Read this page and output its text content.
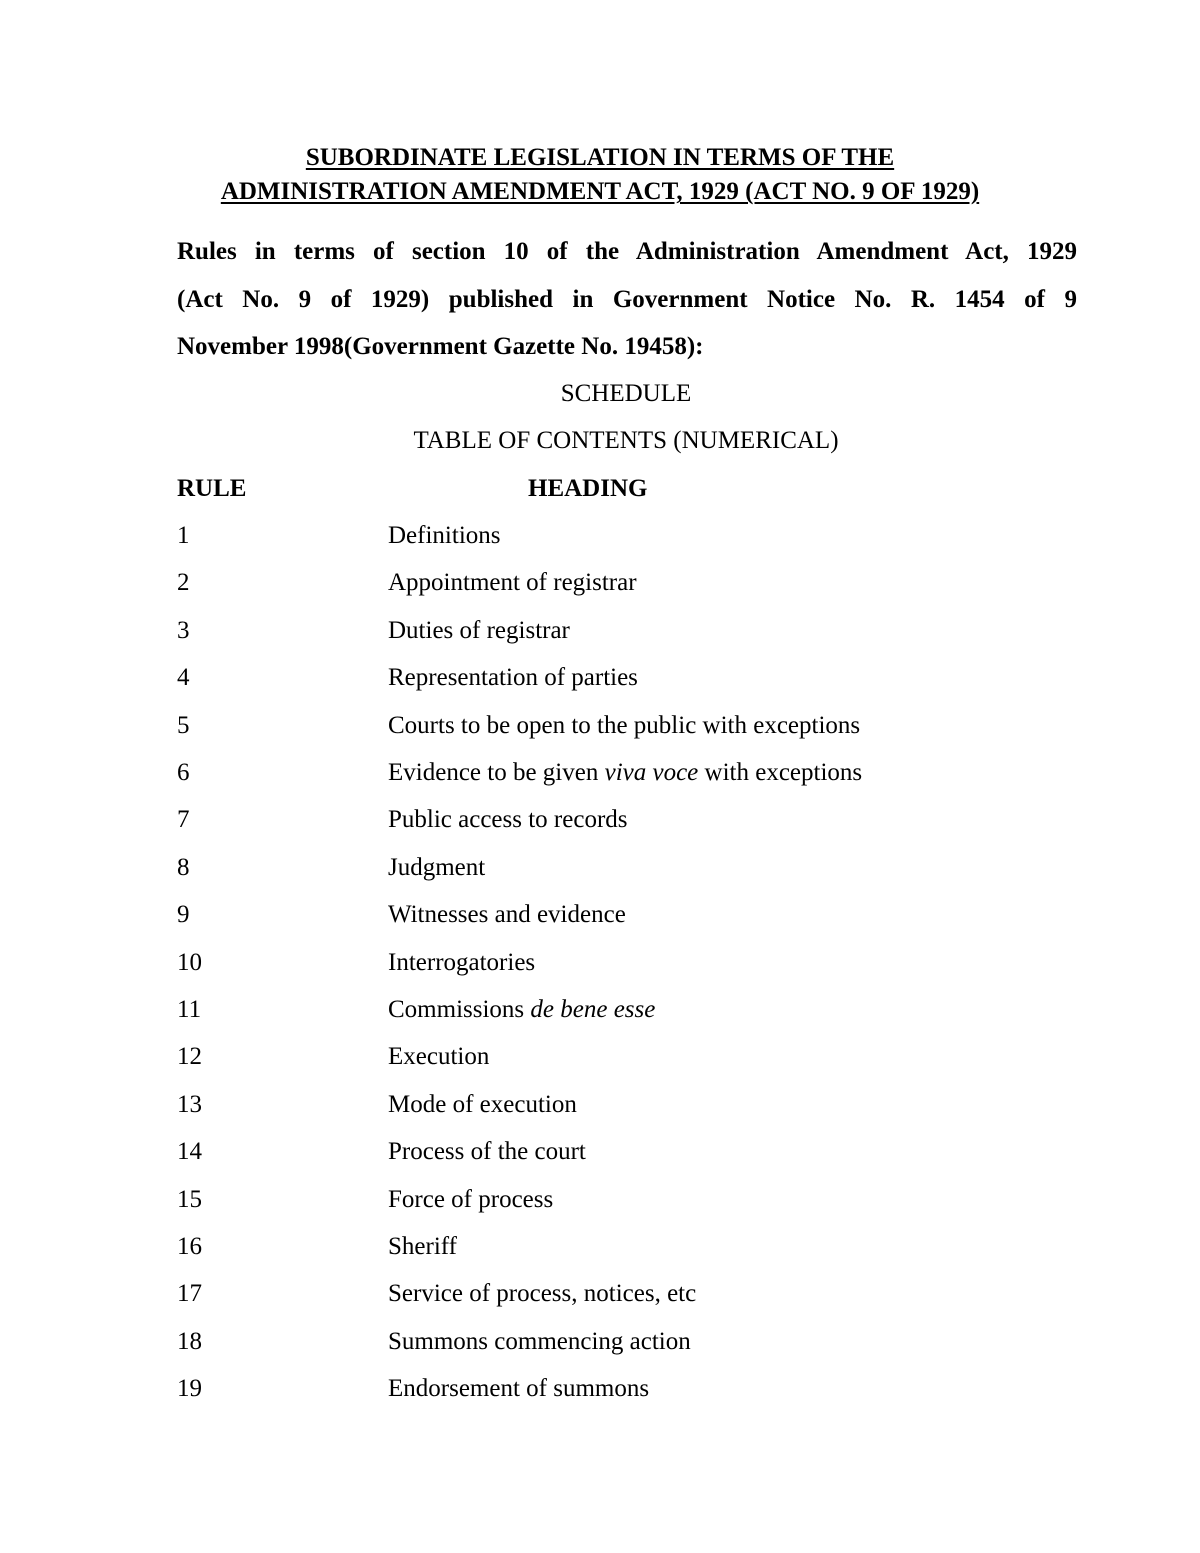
SUBORDINATE LEGISLATION IN TERMS OF THE
ADMINISTRATION AMENDMENT ACT, 1929 (ACT NO. 9 OF 1929)
Rules in terms of section 10 of the Administration Amendment Act, 1929
(Act No. 9 of 1929) published in Government Notice No. R. 1454 of 9
November 1998(Government Gazette No. 19458):
SCHEDULE
TABLE OF CONTENTS (NUMERICAL)
RULE	HEADING
1	Definitions
2	Appointment of registrar
3	Duties of registrar
4	Representation of parties
5	Courts to be open to the public with exceptions
6	Evidence to be given viva voce with exceptions
7	Public access to records
8	Judgment
9	Witnesses and evidence
10	Interrogatories
11	Commissions de bene esse
12	Execution
13	Mode of execution
14	Process of the court
15	Force of process
16	Sheriff
17	Service of process, notices, etc
18	Summons commencing action
19	Endorsement of summons
